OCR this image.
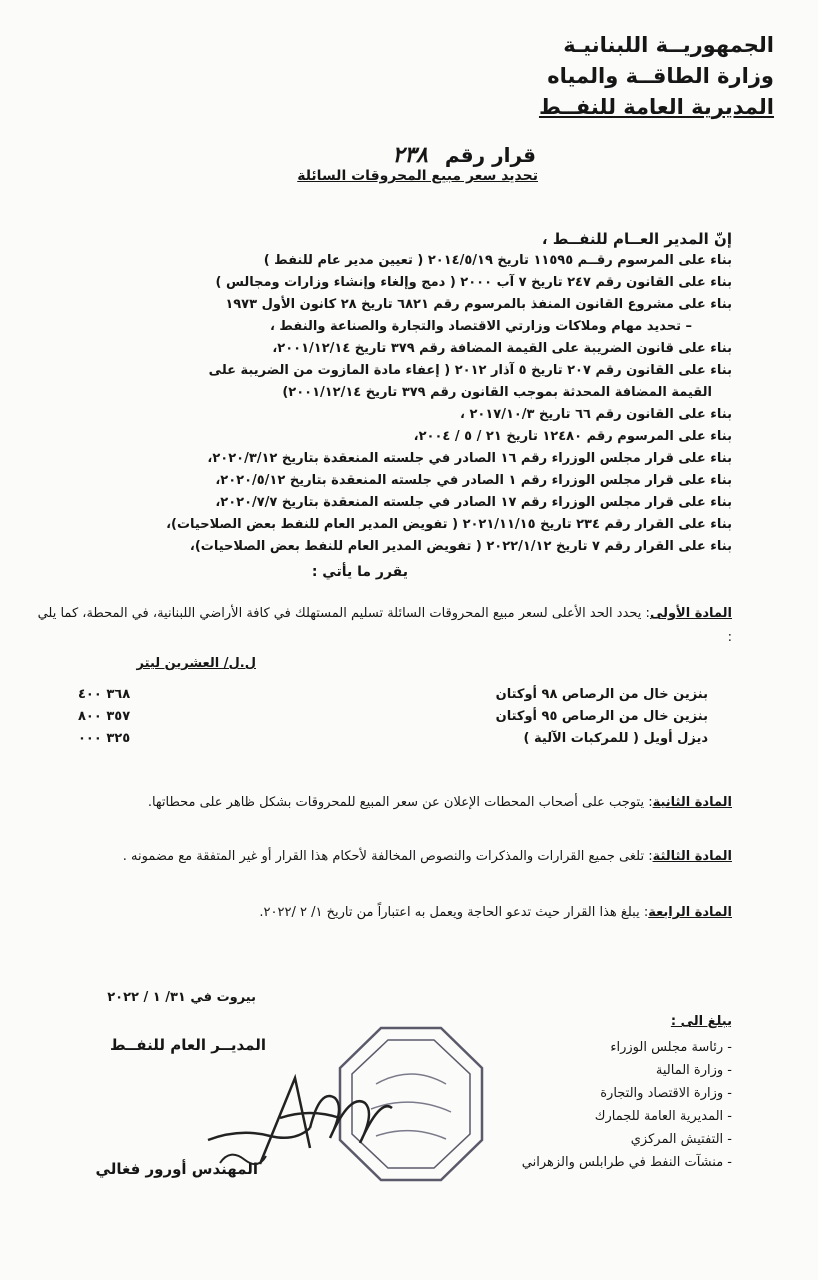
الجمهوريــة اللبنانيـة
وزارة الطاقــة والمياه
المديرية العامة للنفــط
قرار رقم ٢٣٨
تحديد سعر مبيع المحروقات السائلة
إنّ المدير العــام للنفــط ،
بناء على المرسوم رقــم ١١٥٩٥ تاريخ ٢٠١٤/٥/١٩ ( تعيين مدير عام للنفط )
بناء على القانون رقم ٢٤٧ تاريخ ٧ آب ٢٠٠٠ ( دمج وإلغاء وإنشاء وزارات ومجالس )
بناء على مشروع القانون المنفذ بالمرسوم رقم ٦٨٢١ تاريخ ٢٨ كانون الأول ١٩٧٣
– تحديد مهام وملاكات وزارتي الاقتصاد والتجارة والصناعة والنفط ،
بناء على قانون الضريبة على القيمة المضافة رقم ٣٧٩ تاريخ ٢٠٠١/١٢/١٤،
بناء على القانون رقم ٢٠٧ تاريخ ٥ آذار ٢٠١٢ ( إعفاء مادة المازوت من الضريبة على
القيمة المضافة المحدثة بموجب القانون رقم ٣٧٩ تاريخ ٢٠٠١/١٢/١٤)
بناء على القانون رقم ٦٦ تاريخ ٢٠١٧/١٠/٣ ،
بناء على المرسوم رقم ١٢٤٨٠ تاريخ ٢١ / ٥ / ٢٠٠٤،
بناء على قرار مجلس الوزراء رقم ١٦ الصادر في جلسته المنعقدة بتاريخ ٢٠٢٠/٣/١٢،
بناء على قرار مجلس الوزراء رقم ١ الصادر في جلسته المنعقدة بتاريخ ٢٠٢٠/٥/١٢،
بناء على قرار مجلس الوزراء رقم ١٧ الصادر في جلسته المنعقدة بتاريخ ٢٠٢٠/٧/٧،
بناء على القرار رقم ٢٣٤ تاريخ ٢٠٢١/١١/١٥ ( تفويض المدير العام للنفط بعض الصلاحيات)،
بناء على القرار رقم ٧ تاريخ ٢٠٢٢/١/١٢ ( تفويض المدير العام للنفط بعض الصلاحيات)،
يقرر ما يأتي :
المادة الأولى: يحدد الحد الأعلى لسعر مبيع المحروقات السائلة تسليم المستهلك في كافة الأراضي اللبنانية، في المحطة، كما يلي :
ل.ل/ العشرين ليتر
بنزين خال من الرصاص ٩٨ أوكتان
٣٦٨ ٤٠٠
بنزين خال من الرصاص ٩٥ أوكتان
٣٥٧ ٨٠٠
ديزل أويل ( للمركبات الآلية )
٣٢٥ ٠٠٠
المادة الثانية: يتوجب على أصحاب المحطات الإعلان عن سعر المبيع للمحروقات بشكل ظاهر على محطاتها.
المادة الثالثة: تلغى جميع القرارات والمذكرات والنصوص المخالفة لأحكام هذا القرار أو غير المتفقة مع مضمونه .
المادة الرابعة: يبلغ هذا القرار حيث تدعو الحاجة ويعمل به اعتباراً من تاريخ ١/ ٢ /٢٠٢٢.
بيروت في ٣١/ ١ / ٢٠٢٢
يبلغ الى :
- رئاسة مجلس الوزراء
- وزارة المالية
- وزارة الاقتصاد والتجارة
- المديرية العامة للجمارك
- التفتيش المركزي
- منشآت النفط في طرابلس والزهراني
المديــر العام للنفــط
المهندس أورور فغالي
